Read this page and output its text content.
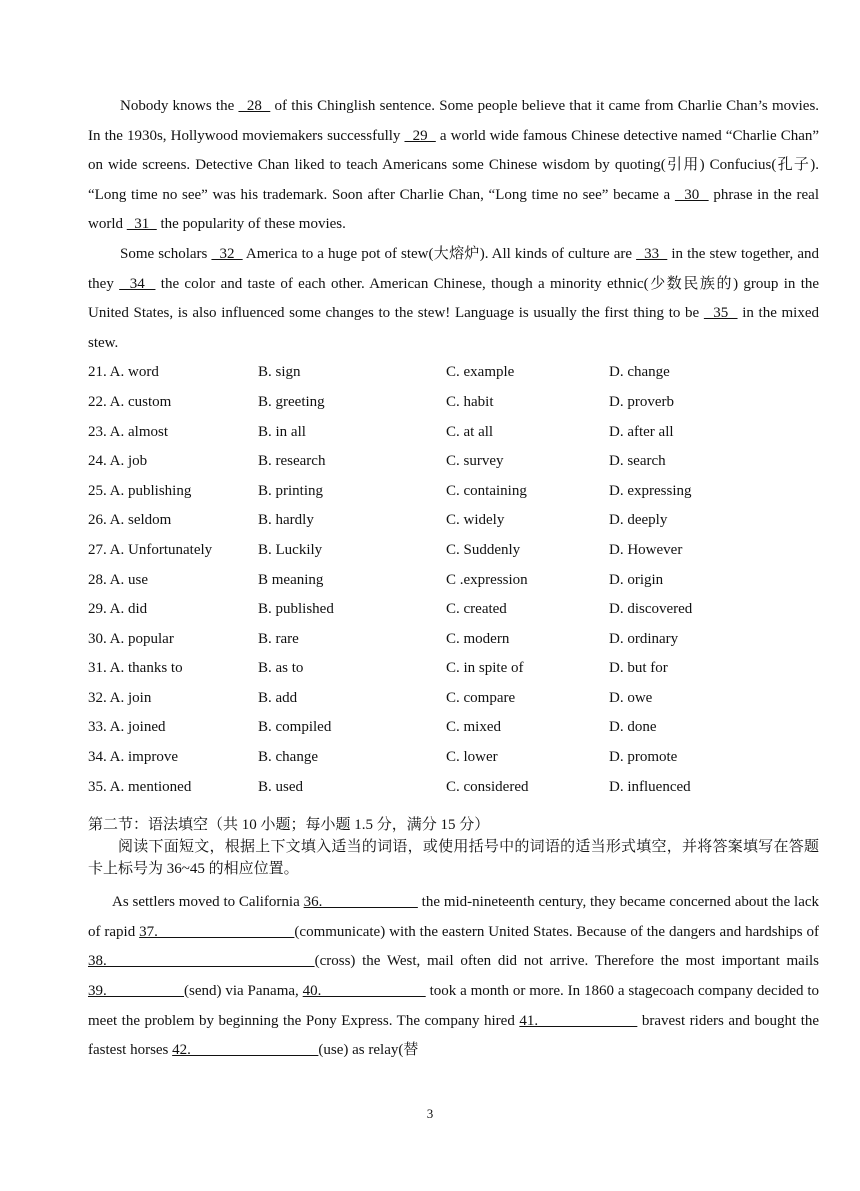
Nobody knows the   28   of this Chinglish sentence. Some people believe that it came from Charlie Chan’s movies. In the 1930s, Hollywood moviemakers successfully   29   a world wide famous Chinese detective named “Charlie Chan” on wide screens. Detective Chan liked to teach Americans some Chinese wisdom by quoting(引用) Confucius(孔子). “Long time no see” was his trademark. Soon after Charlie Chan, “Long time no see” became a   30   phrase in the real world   31   the popularity of these movies.

Some scholars   32   America to a huge pot of stew(大熔炉). All kinds of culture are   33   in the stew together, and they   34   the color and taste of each other. American Chinese, though a minority ethnic(少数民族的) group in the United States, is also influenced some changes to the stew! Language is usually the first thing to be   35   in the mixed stew.

21. A. word	B. sign	C. example	D. change
22. A. custom	B. greeting	C. habit	D. proverb
23. A. almost	B. in all	C. at all	D. after all
24. A. job	B. research	C. survey	D. search
25. A. publishing	B. printing	C. containing	D. expressing
26. A. seldom	B. hardly	C. widely	D. deeply
27. A. Unfortunately	B. Luckily	C. Suddenly	D. However
28. A. use	B meaning	C .expression	D. origin
29. A. did	B. published	C. created	D. discovered
30. A. popular	B. rare	C. modern	D. ordinary
31. A. thanks to	B. as to	C. in spite of	D. but for
32. A. join	B. add	C. compare	D. owe
33. A. joined	B. compiled	C. mixed	D. done
34. A. improve	B. change	C. lower	D. promote
35. A. mentioned	B. used	C. considered	D. influenced

第二节：语法填空（共 10 小题；每小题 1.5 分，满分 15 分）

阅读下面短文，根据上下文填入适当的词语，或使用括号中的词语的适当形式填空，并将答案填写在答题卡上标号为 36~45 的相应位置。

As settlers moved to California 36.                          the mid-nineteenth century, they became concerned about the lack of rapid 37.                                   (communicate) with the eastern United States. Because of the dangers and hardships of 38.                               (cross) the West, mail often did not arrive. Therefore the most important mails 39.                    (send) via Panama, 40.                            took a month or more. In 1860 a stagecoach company decided to meet the problem by beginning the Pony Express. The company hired 41.                       bravest riders and bought the fastest horses 42.                                  (use) as relay(替

3
